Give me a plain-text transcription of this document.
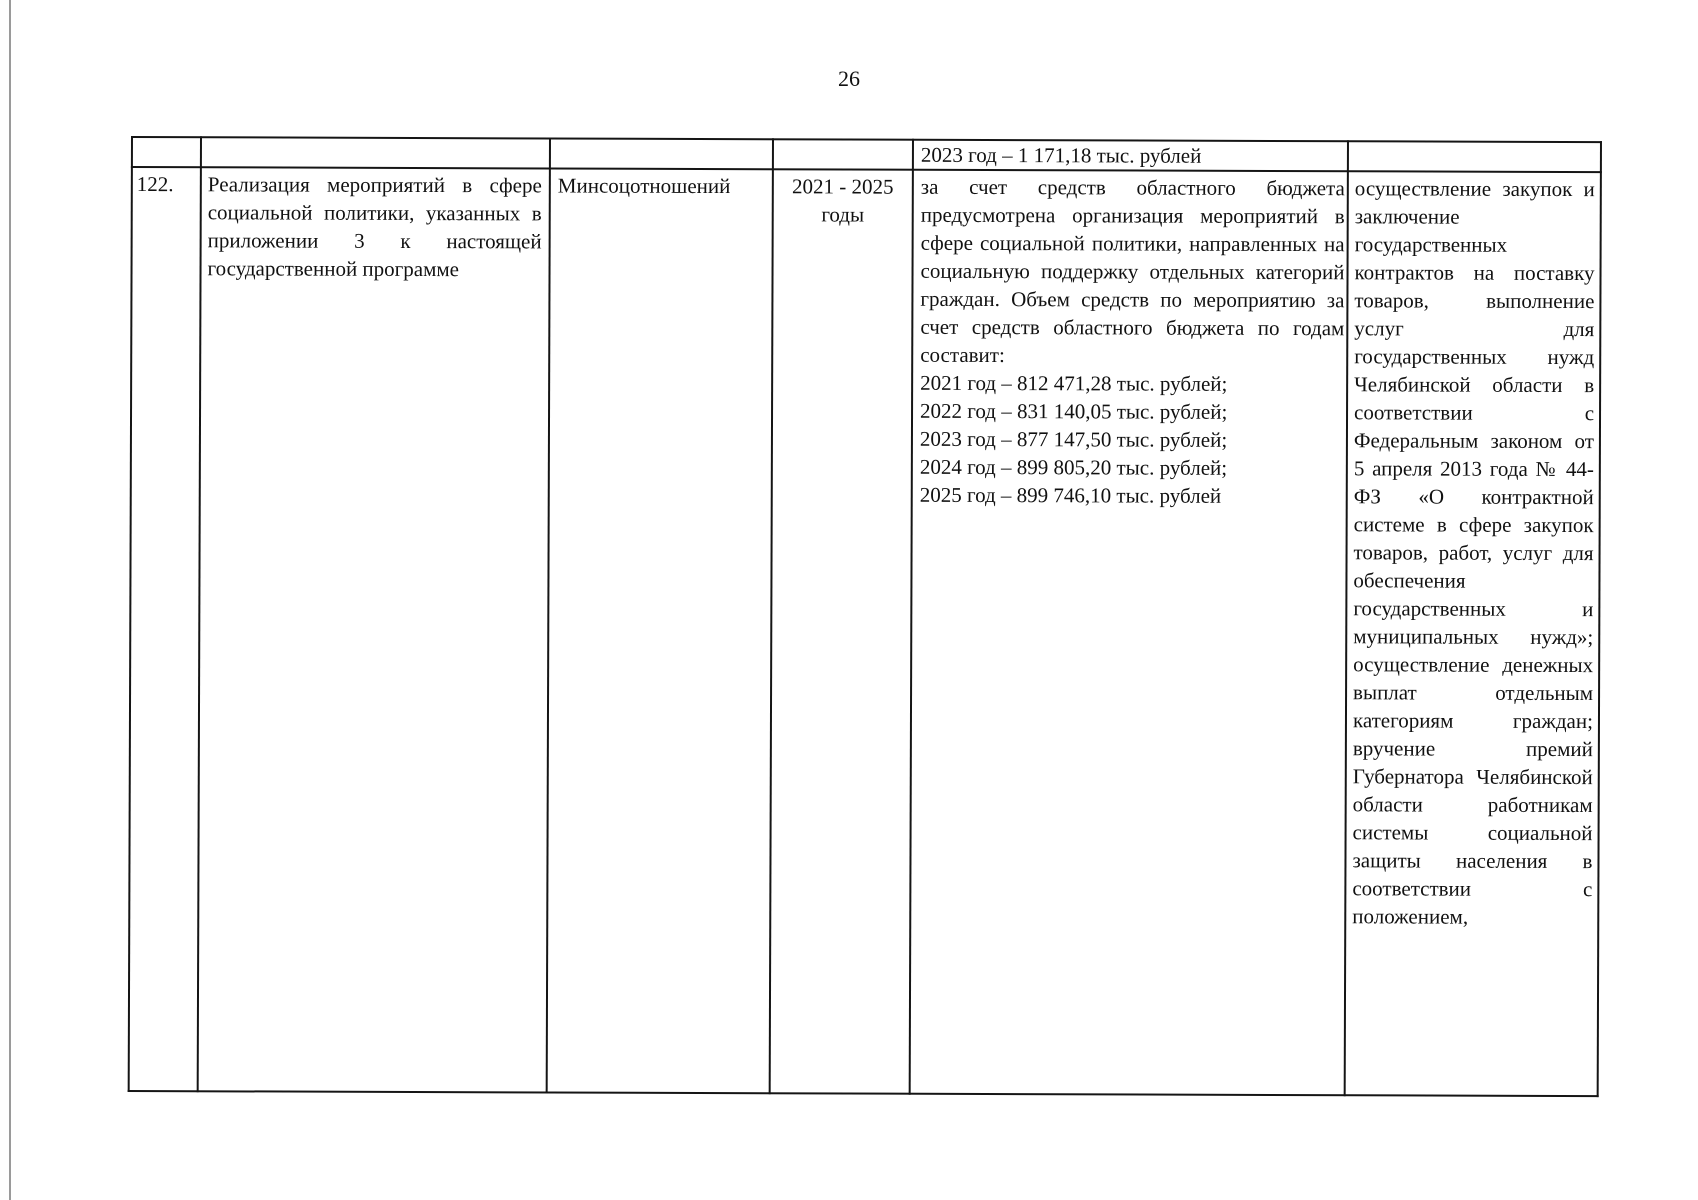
26

2023 год – 1 171,18 тыс. рублей

122.	Реализация мероприятий в сфере социальной политики, указанных в приложении 3 к настоящей государственной программе

Минсоцотношений	2021 - 2025 годы

за счет средств областного бюджета предусмотрена организация мероприятий в сфере социальной политики, направленных на социальную поддержку отдельных категорий граждан. Объем средств по мероприятию за счет средств областного бюджета по годам составит:

2021 год – 812 471,28 тыс. рублей;

2022 год – 831 140,05 тыс. рублей;

2023 год – 877 147,50 тыс. рублей;

2024 год – 899 805,20 тыс. рублей;

2025 год – 899 746,10 тыс. рублей

осуществление закупок и заключение государственных контрактов на поставку товаров, выполнение услуг для государственных нужд Челябинской области в соответствии с Федеральным законом от 5 апреля 2013 года № 44-ФЗ «О контрактной системе в сфере закупок товаров, работ, услуг для обеспечения государственных и муниципальных нужд»; осуществление денежных выплат отдельным категориям граждан; вручение премий Губернатора Челябинской области работникам системы социальной защиты населения в соответствии с положением,
